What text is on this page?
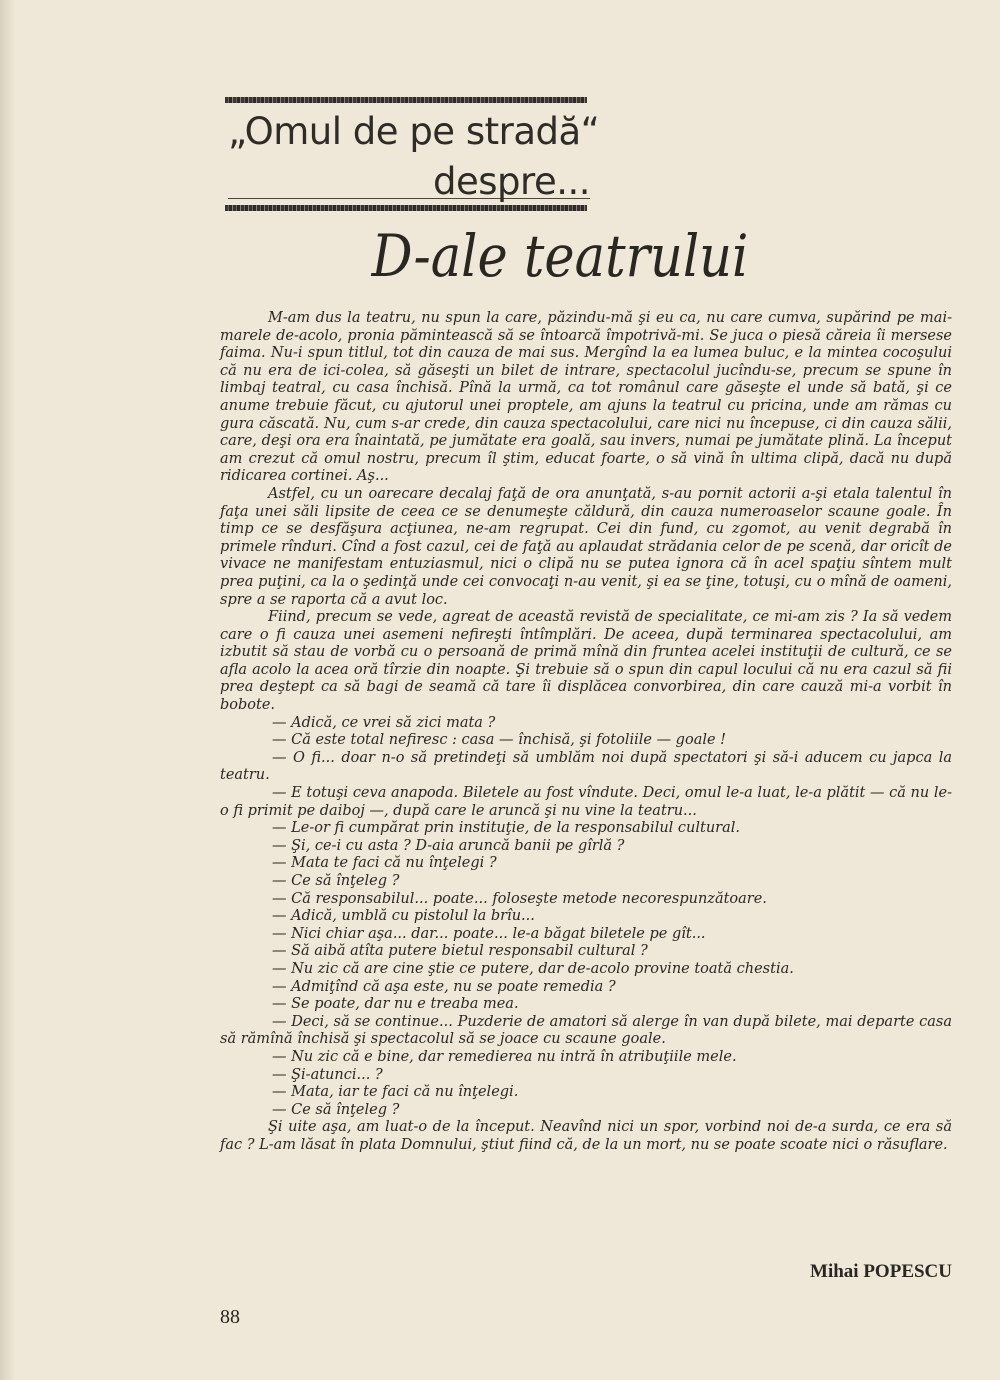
„Omul de pe stradă“
despre...
D-ale teatrului

M-am dus la teatru, nu spun la care, păzindu-mă şi eu ca, nu care cumva, supărind pe mai-marele de-acolo, pronia pămintească să se întoarcă împotrivă-mi. Se juca o piesă căreia îi mersese faima. Nu-i spun titlul, tot din cauza de mai sus. Mergînd la ea lumea buluc, e la mintea cocoşului că nu era de ici-colea, să găseşti un bilet de intrare, spectacolul jucîndu-se, precum se spune în limbaj teatral, cu casa închisă. Pînă la urmă, ca tot românul care găseşte el unde să bată, şi ce anume trebuie făcut, cu ajutorul unei proptele, am ajuns la teatrul cu pricina, unde am rămas cu gura căscată. Nu, cum s-ar crede, din cauza spectacolului, care nici nu începuse, ci din cauza sălii, care, deşi ora era înaintată, pe jumătate era goală, sau invers, numai pe jumătate plină. La început am crezut că omul nostru, precum îl ştim, educat foarte, o să vină în ultima clipă, dacă nu după ridicarea cortinei. Aş...

Astfel, cu un oarecare decalaj faţă de ora anunţată, s-au pornit actorii a-şi etala talentul în faţa unei săli lipsite de ceea ce se denumeşte căldură, din cauza numeroaselor scaune goale. În timp ce se desfăşura acţiunea, ne-am regrupat. Cei din fund, cu zgomot, au venit degrabă în primele rînduri. Cînd a fost cazul, cei de faţă au aplaudat strădania celor de pe scenă, dar oricît de vivace ne manifestam entuziasmul, nici o clipă nu se putea ignora că în acel spaţiu sîntem mult prea puţini, ca la o şedinţă unde cei convocaţi n-au venit, şi ea se ţine, totuşi, cu o mînă de oameni, spre a se raporta că a avut loc.

Fiind, precum se vede, agreat de această revistă de specialitate, ce mi-am zis ? Ia să vedem care o fi cauza unei asemeni nefireşti întîmplări. De aceea, după terminarea spectacolului, am izbutit să stau de vorbă cu o persoană de primă mînă din fruntea acelei instituţii de cultură, ce se afla acolo la acea oră tîrzie din noapte. Şi trebuie să o spun din capul locului că nu era cazul să fii prea deştept ca să bagi de seamă că tare îi displăcea convorbirea, din care cauză mi-a vorbit în bobote.

— Adică, ce vrei să zici mata ?

— Că este total nefiresc : casa — închisă, şi fotoliile — goale !

— O fi... doar n-o să pretindeţi să umblăm noi după spectatori şi să-i aducem cu japca la teatru.

— E totuşi ceva anapoda. Biletele au fost vîndute. Deci, omul le-a luat, le-a plătit — că nu le-o fi primit pe daiboj —, după care le aruncă şi nu vine la teatru...

— Le-or fi cumpărat prin instituţie, de la responsabilul cultural.

— Şi, ce-i cu asta ? D-aia aruncă banii pe gîrlă ?

— Mata te faci că nu înţelegi ?

— Ce să înţeleg ?

— Că responsabilul... poate... foloseşte metode necorespunzătoare.

— Adică, umblă cu pistolul la brîu...

— Nici chiar aşa... dar... poate... le-a băgat biletele pe gît...

— Să aibă atîta putere bietul responsabil cultural ?

— Nu zic că are cine ştie ce putere, dar de-acolo provine toată chestia.

— Admiţînd că aşa este, nu se poate remedia ?

— Se poate, dar nu e treaba mea.

— Deci, să se continue... Puzderie de amatori să alerge în van după bilete, mai departe casa să rămînă închisă şi spectacolul să se joace cu scaune goale.

— Nu zic că e bine, dar remedierea nu intră în atribuţiile mele.

— Şi-atunci... ?

— Mata, iar te faci că nu înţelegi.

— Ce să înţeleg ?

Şi uite aşa, am luat-o de la început. Neavînd nici un spor, vorbind noi de-a surda, ce era să fac ? L-am lăsat în plata Domnului, ştiut fiind că, de la un mort, nu se poate scoate nici o răsuflare.

Mihai POPESCU
88
